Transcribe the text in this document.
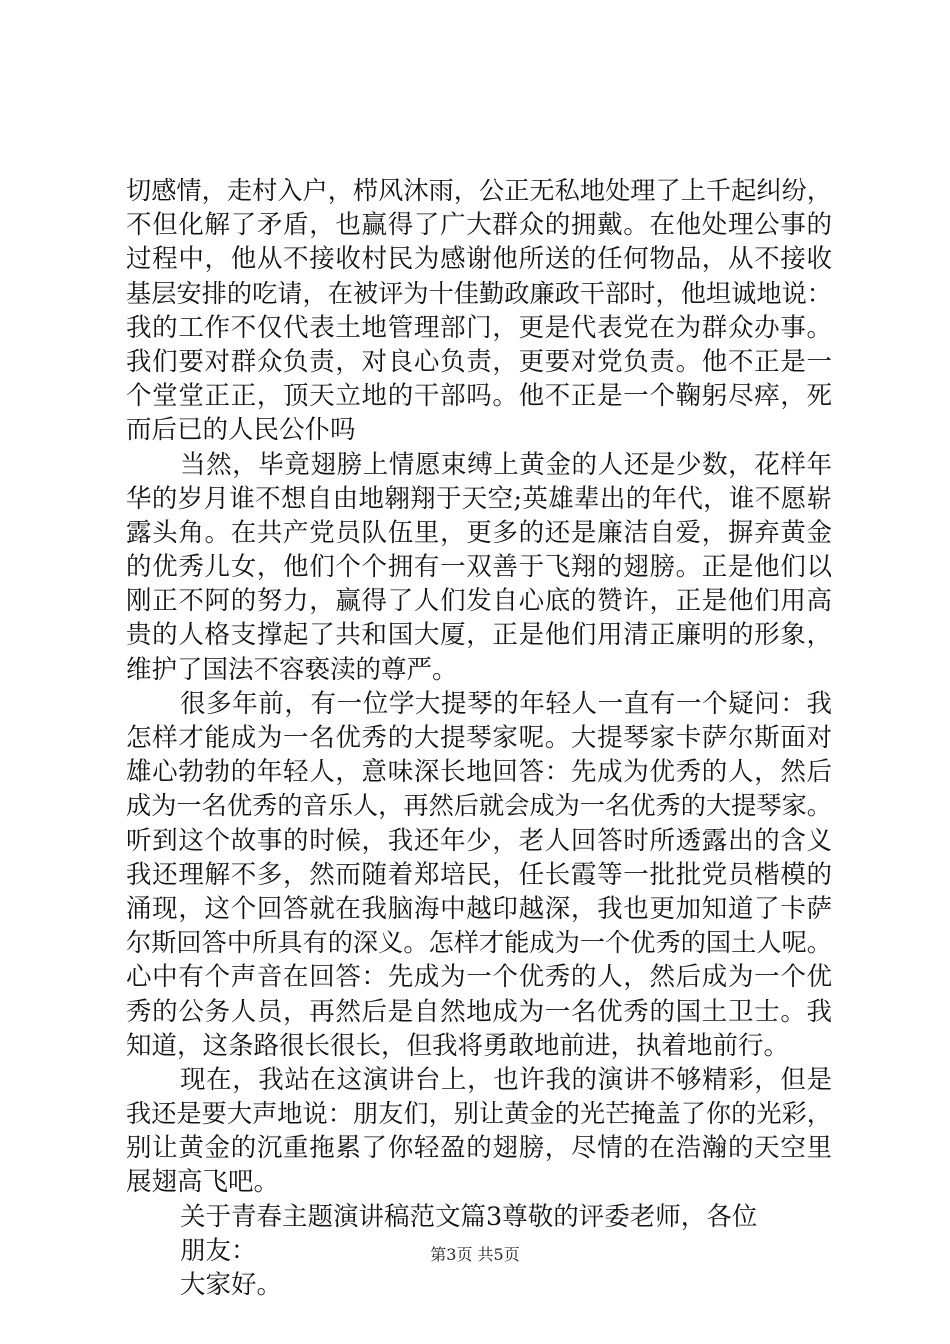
切感情，走村入户，栉风沐雨，公正无私地处理了上千起纠纷，
不但化解了矛盾，也赢得了广大群众的拥戴。在他处理公事的
过程中，他从不接收村民为感谢他所送的任何物品，从不接收
基层安排的吃请，在被评为十佳勤政廉政干部时，他坦诚地说：
我的工作不仅代表土地管理部门，更是代表党在为群众办事。
我们要对群众负责，对良心负责，更要对党负责。他不正是一
个堂堂正正，顶天立地的干部吗。他不正是一个鞠躬尽瘁，死
而后已的人民公仆吗
当然，毕竟翅膀上情愿束缚上黄金的人还是少数，花样年
华的岁月谁不想自由地翱翔于天空;英雄辈出的年代，谁不愿崭
露头角。在共产党员队伍里，更多的还是廉洁自爱，摒弃黄金
的优秀儿女，他们个个拥有一双善于飞翔的翅膀。正是他们以
刚正不阿的努力，赢得了人们发自心底的赞许，正是他们用高
贵的人格支撑起了共和国大厦，正是他们用清正廉明的形象，
维护了国法不容亵渎的尊严。
很多年前，有一位学大提琴的年轻人一直有一个疑问：我
怎样才能成为一名优秀的大提琴家呢。大提琴家卡萨尔斯面对
雄心勃勃的年轻人，意味深长地回答：先成为优秀的人，然后
成为一名优秀的音乐人，再然后就会成为一名优秀的大提琴家。
听到这个故事的时候，我还年少，老人回答时所透露出的含义
我还理解不多，然而随着郑培民，任长霞等一批批党员楷模的
涌现，这个回答就在我脑海中越印越深，我也更加知道了卡萨
尔斯回答中所具有的深义。怎样才能成为一个优秀的国土人呢。
心中有个声音在回答：先成为一个优秀的人，然后成为一个优
秀的公务人员，再然后是自然地成为一名优秀的国土卫士。我
知道，这条路很长很长，但我将勇敢地前进，执着地前行。
现在，我站在这演讲台上，也许我的演讲不够精彩，但是
我还是要大声地说：朋友们，别让黄金的光芒掩盖了你的光彩，
别让黄金的沉重拖累了你轻盈的翅膀，尽情的在浩瀚的天空里
展翅高飞吧。
关于青春主题演讲稿范文篇3尊敬的评委老师，各位
朋友：
大家好。
第3页 共5页
